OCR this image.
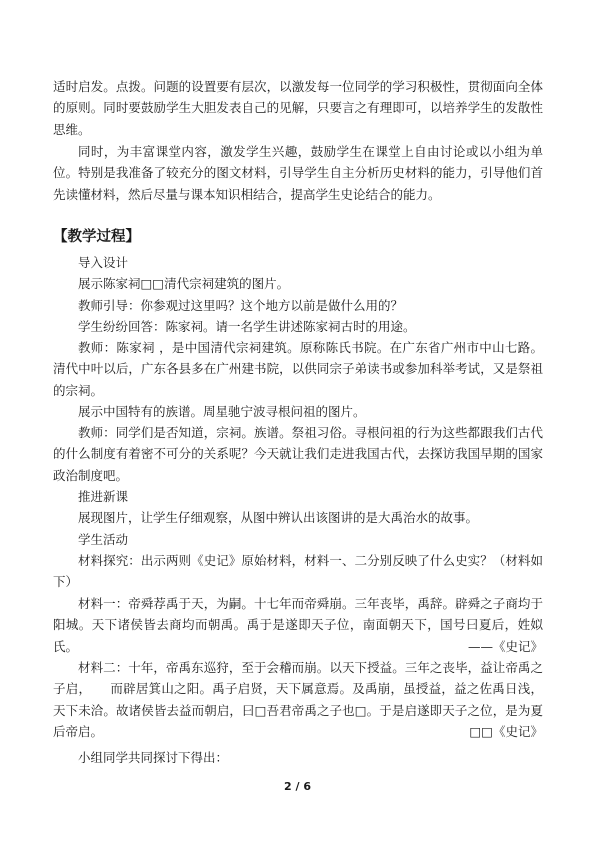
适时启发。点拨。问题的设置要有层次，以激发每一位同学的学习积极性，贯彻面向全体的原则。同时要鼓励学生大胆发表自己的见解，只要言之有理即可，以培养学生的发散性思维。

同时，为丰富课堂内容，激发学生兴趣，鼓励学生在课堂上自由讨论或以小组为单位。特别是我准备了较充分的图文材料，引导学生自主分析历史材料的能力，引导他们首先读懂材料，然后尽量与课本知识相结合，提高学生史论结合的能力。

【教学过程】

导入设计

展示陈家祠□□清代宗祠建筑的图片。

教师引导：你参观过这里吗？这个地方以前是做什么用的？

学生纷纷回答：陈家祠。请一名学生讲述陈家祠古时的用途。

教师：陈家祠 ，是中国清代宗祠建筑。原称陈氏书院。在广东省广州市中山七路。清代中叶以后，广东各县多在广州建书院，以供同宗子弟读书或参加科举考试，又是祭祖的宗祠。

展示中国特有的族谱。周星驰宁波寻根问祖的图片。

教师：同学们是否知道，宗祠。族谱。祭祖习俗。寻根问祖的行为这些都跟我们古代的什么制度有着密不可分的关系呢？今天就让我们走进我国古代，去探访我国早期的国家政治制度吧。

推进新课

展现图片，让学生仔细观察，从图中辨认出该图讲的是大禹治水的故事。

学生活动

材料探究：出示两则《史记》原始材料，材料一、二分别反映了什么史实？（材料如下）

材料一：帝舜荐禹于天，为嗣。十七年而帝舜崩。三年丧毕，禹辞。辟舜之子商均于阳城。天下诸侯皆去商均而朝禹。禹于是遂即天子位，南面朝天下，国号曰夏后，姓姒氏。	——《史记》

材料二：十年，帝禹东巡狩，至于会稽而崩。以天下授益。三年之丧毕，益让帝禹之子启，　　而辟居箕山之阳。禹子启贤，天下属意焉。及禹崩，虽授益，益之佐禹日浅，天下未洽。故诸侯皆去益而朝启，曰□吾君帝禹之子也□。于是启遂即天子之位，是为夏后帝启。	□□《史记》

小组同学共同探讨下得出：

2 / 6
